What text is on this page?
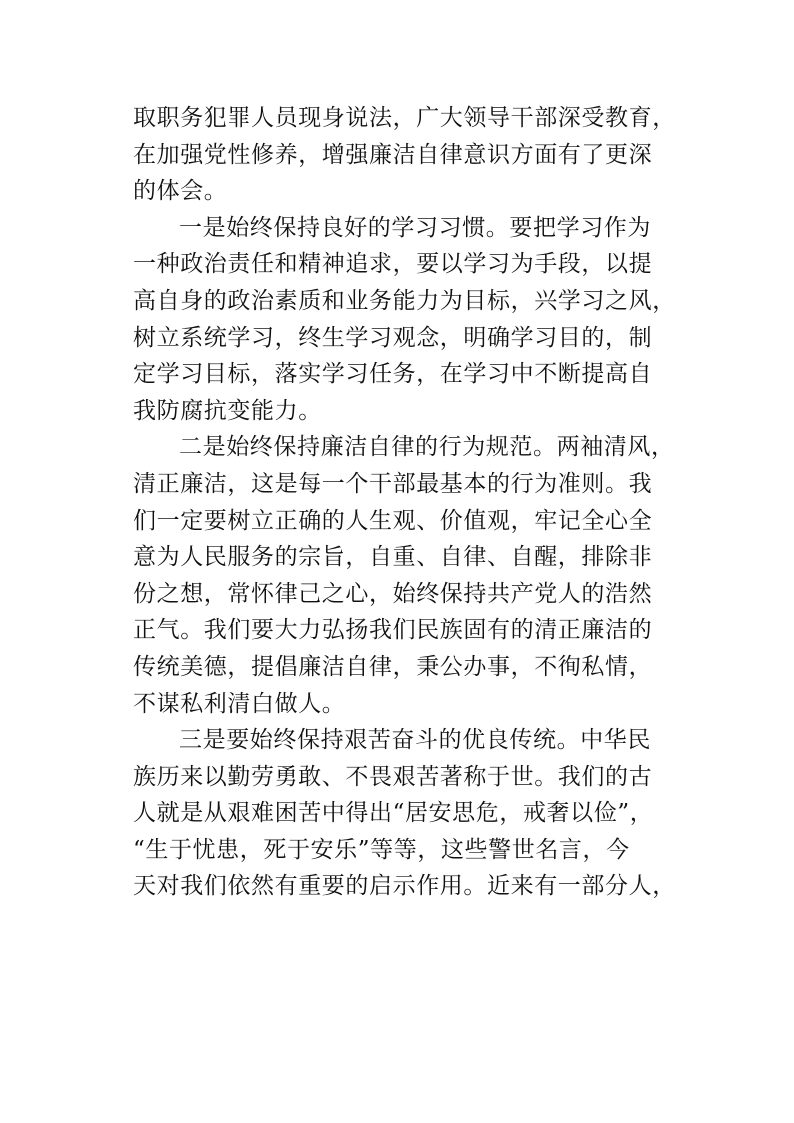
取职务犯罪人员现身说法，广大领导干部深受教育，
在加强党性修养，增强廉洁自律意识方面有了更深
的体会。
一是始终保持良好的学习习惯。要把学习作为
一种政治责任和精神追求，要以学习为手段，以提
高自身的政治素质和业务能力为目标，兴学习之风，
树立系统学习，终生学习观念，明确学习目的，制
定学习目标，落实学习任务，在学习中不断提高自
我防腐抗变能力。
二是始终保持廉洁自律的行为规范。两袖清风，
清正廉洁，这是每一个干部最基本的行为准则。我
们一定要树立正确的人生观、价值观，牢记全心全
意为人民服务的宗旨，自重、自律、自醒，排除非
份之想，常怀律己之心，始终保持共产党人的浩然
正气。我们要大力弘扬我们民族固有的清正廉洁的
传统美德，提倡廉洁自律，秉公办事，不徇私情，
不谋私利清白做人。
三是要始终保持艰苦奋斗的优良传统。中华民
族历来以勤劳勇敢、不畏艰苦著称于世。我们的古
人就是从艰难困苦中得出“居安思危，戒奢以俭”，
“生于忧患，死于安乐”等等，这些警世名言，今
天对我们依然有重要的启示作用。近来有一部分人，
